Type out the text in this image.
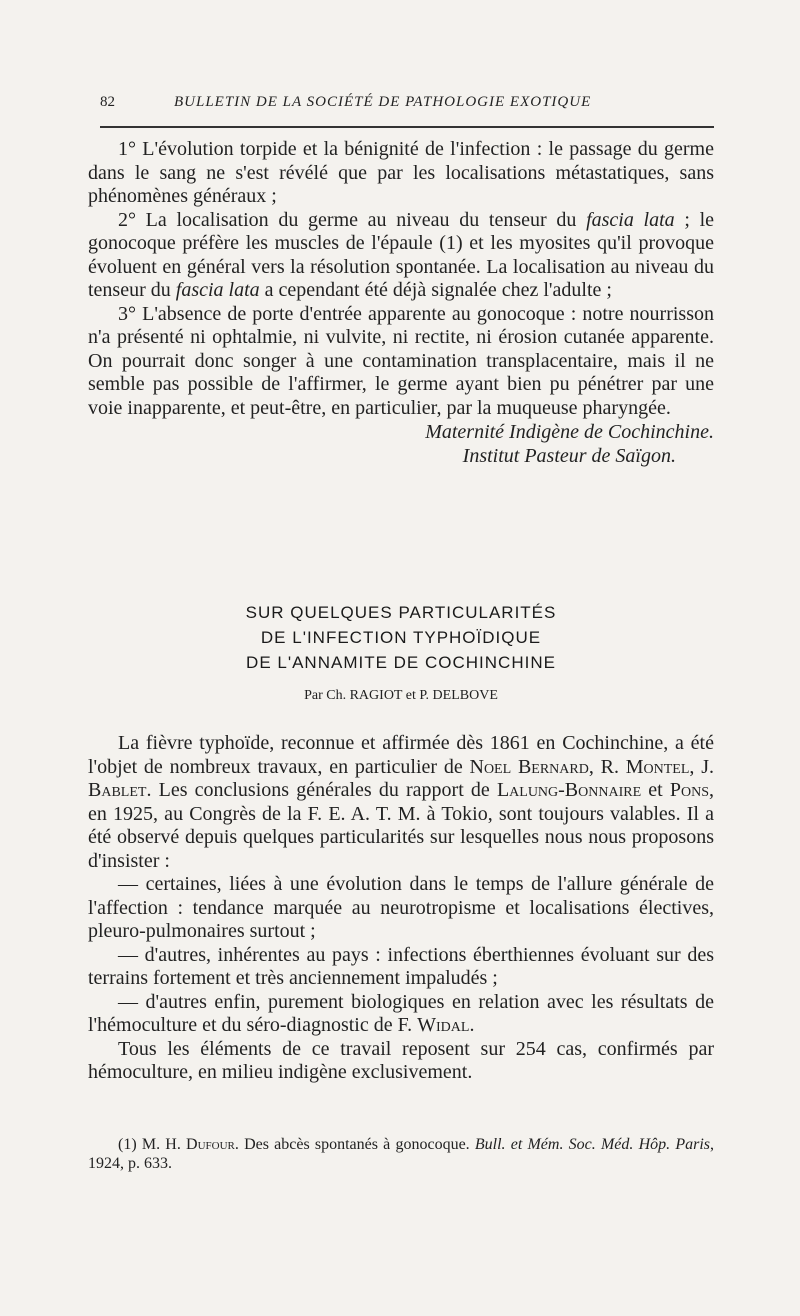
82	BULLETIN DE LA SOCIÉTÉ DE PATHOLOGIE EXOTIQUE

1° L'évolution torpide et la bénignité de l'infection : le passage du germe dans le sang ne s'est révélé que par les localisations métastatiques, sans phénomènes généraux ;

2° La localisation du germe au niveau du tenseur du fascia lata ; le gonocoque préfère les muscles de l'épaule (1) et les myosites qu'il provoque évoluent en général vers la résolution spontanée. La localisation au niveau du tenseur du fascia lata a cependant été déjà signalée chez l'adulte ;

3° L'absence de porte d'entrée apparente au gonocoque : notre nourrisson n'a présenté ni ophtalmie, ni vulvite, ni rectite, ni érosion cutanée apparente. On pourrait donc songer à une contamination transplacentaire, mais il ne semble pas possible de l'affirmer, le germe ayant bien pu pénétrer par une voie inapparente, et peut-être, en particulier, par la muqueuse pharyngée.

Maternité Indigène de Cochinchine.

Institut Pasteur de Saïgon.

SUR QUELQUES PARTICULARITÉS
DE L'INFECTION TYPHOÏDIQUE
DE L'ANNAMITE DE COCHINCHINE
Par Ch. RAGIOT et P. DELBOVE

La fièvre typhoïde, reconnue et affirmée dès 1861 en Cochinchine, a été l'objet de nombreux travaux, en particulier de Noel Bernard, R. Montel, J. Bablet. Les conclusions générales du rapport de Lalung-Bonnaire et Pons, en 1925, au Congrès de la F. E. A. T. M. à Tokio, sont toujours valables. Il a été observé depuis quelques particularités sur lesquelles nous nous proposons d'insister :

— certaines, liées à une évolution dans le temps de l'allure générale de l'affection : tendance marquée au neurotropisme et localisations électives, pleuro-pulmonaires surtout ;

— d'autres, inhérentes au pays : infections éberthiennes évoluant sur des terrains fortement et très anciennement impaludés ;

— d'autres enfin, purement biologiques en relation avec les résultats de l'hémoculture et du séro-diagnostic de F. Widal.

Tous les éléments de ce travail reposent sur 254 cas, confirmés par hémoculture, en milieu indigène exclusivement.

(1) M. H. Dufour. Des abcès spontanés à gonocoque. Bull. et Mém. Soc. Méd. Hôp. Paris, 1924, p. 633.
